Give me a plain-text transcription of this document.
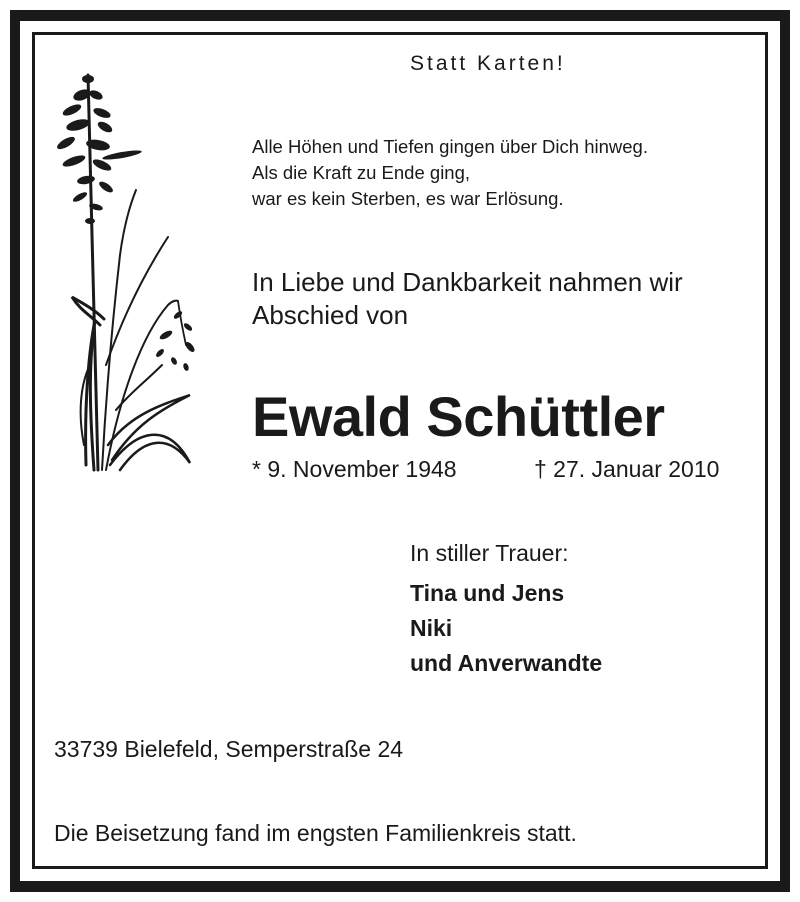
Statt Karten!
Alle Höhen und Tiefen gingen über Dich hinweg.
Als die Kraft zu Ende ging,
war es kein Sterben, es war Erlösung.
In Liebe und Dankbarkeit nahmen wir
Abschied von
Ewald Schüttler
* 9. November 1948	† 27. Januar 2010
In stiller Trauer:
Tina und Jens
Niki
und Anverwandte
33739 Bielefeld, Semperstraße 24
Die Beisetzung fand im engsten Familienkreis statt.
